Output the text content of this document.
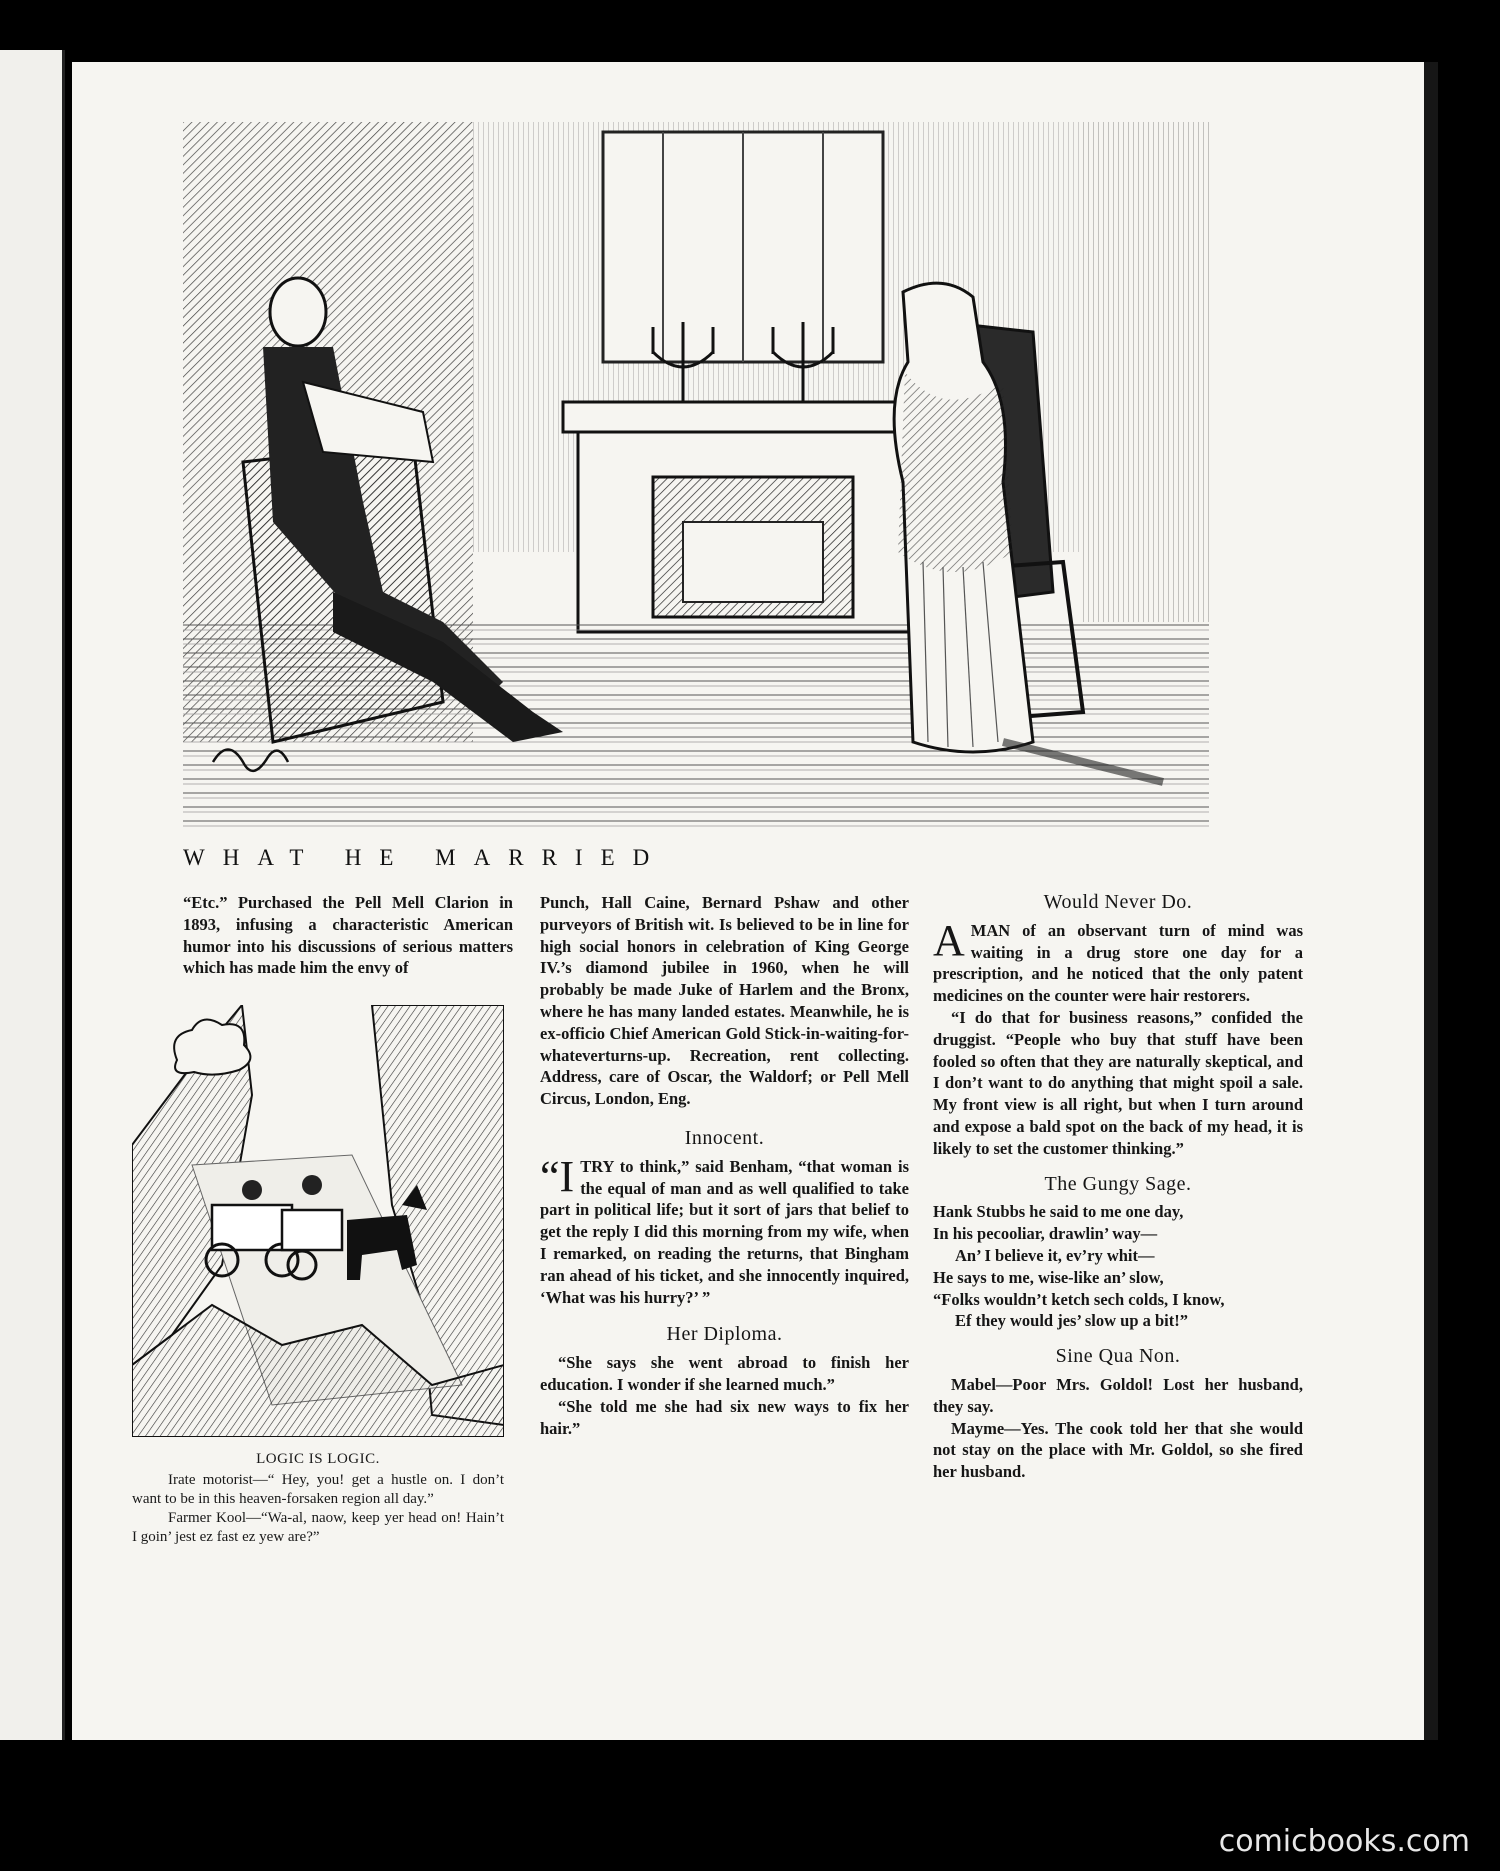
WHAT HE MARRIED

“Etc.” Purchased the Pell Mell Clarion in 1893, infusing a characteristic American humor into his discussions of serious matters which has made him the envy of

LOGIC IS LOGIC.

Irate motorist—“ Hey, you! get a hustle on. I don’t want to be in this heaven-forsaken region all day.”

Farmer Kool—“Wa-al, naow, keep yer head on! Hain’t I goin’ jest ez fast ez yew are?”

Punch, Hall Caine, Bernard Pshaw and other purveyors of British wit. Is believed to be in line for high social honors in celebration of King George IV.’s diamond jubilee in 1960, when he will probably be made Juke of Harlem and the Bronx, where he has many landed estates. Meanwhile, he is ex-officio Chief American Gold Stick-in-waiting-for-whateverturns-up. Recreation, rent collecting. Address, care of Oscar, the Waldorf; or Pell Mell Circus, London, Eng.

Innocent.

“ITRY to think,” said Benham, “that woman is the equal of man and as well qualified to take part in political life; but it sort of jars that belief to get the reply I did this morning from my wife, when I remarked, on reading the returns, that Bingham ran ahead of his ticket, and she innocently inquired, ‘What was his hurry?’ ”

Her Diploma.

“She says she went abroad to finish her education. I wonder if she learned much.”

“She told me she had six new ways to fix her hair.”

Would Never Do.

AMAN of an observant turn of mind was waiting in a drug store one day for a prescription, and he noticed that the only patent medicines on the counter were hair restorers.

“I do that for business reasons,” confided the druggist. “People who buy that stuff have been fooled so often that they are naturally skeptical, and I don’t want to do anything that might spoil a sale. My front view is all right, but when I turn around and expose a bald spot on the back of my head, it is likely to set the customer thinking.”

The Gungy Sage.

Hank Stubbs he said to me one day,

In his pecooliar, drawlin’ way—

An’ I believe it, ev’ry whit—

He says to me, wise-like an’ slow,

“Folks wouldn’t ketch sech colds, I know,

Ef they would jes’ slow up a bit!”

Sine Qua Non.

Mabel—Poor Mrs. Goldol! Lost her husband, they say.

Mayme—Yes. The cook told her that she would not stay on the place with Mr. Goldol, so she fired her husband.

comicbooks.com
